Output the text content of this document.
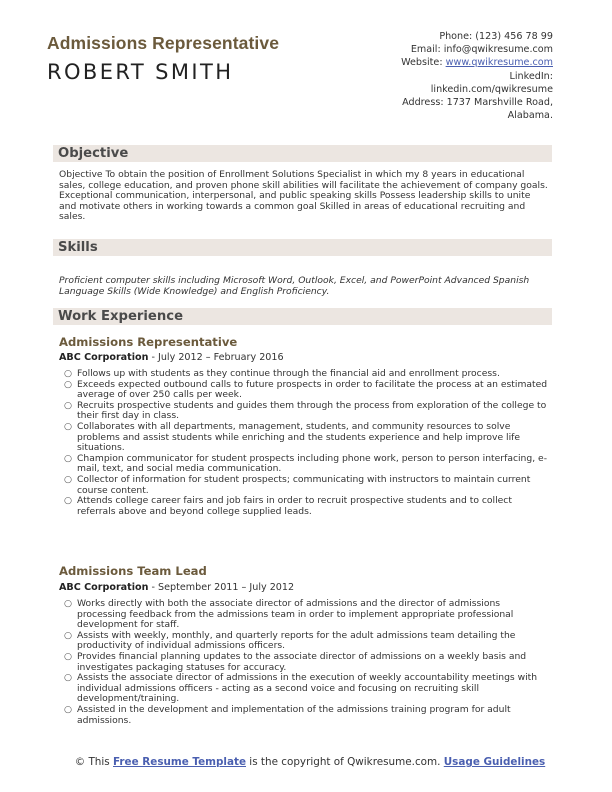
Admissions Representative
ROBERT SMITH
Phone: (123) 456 78 99
Email: info@qwikresume.com
Website: www.qwikresume.com
LinkedIn:
linkedin.com/qwikresume
Address: 1737 Marshville Road,
Alabama.
Objective
Objective To obtain the position of Enrollment Solutions Specialist in which my 8 years in educational sales, college education, and proven phone skill abilities will facilitate the achievement of company goals. Exceptional communication, interpersonal, and public speaking skills Possess leadership skills to unite and motivate others in working towards a common goal Skilled in areas of educational recruiting and sales.
Skills
Proficient computer skills including Microsoft Word, Outlook, Excel, and PowerPoint Advanced Spanish Language Skills (Wide Knowledge) and English Proficiency.
Work Experience
Admissions Representative
ABC Corporation - July 2012 – February 2016
○ Follows up with students as they continue through the financial aid and enrollment process.
○ Exceeds expected outbound calls to future prospects in order to facilitate the process at an estimated average of over 250 calls per week.
○ Recruits prospective students and guides them through the process from exploration of the college to their first day in class.
○ Collaborates with all departments, management, students, and community resources to solve problems and assist students while enriching and the students experience and help improve life situations.
○ Champion communicator for student prospects including phone work, person to person interfacing, e-mail, text, and social media communication.
○ Collector of information for student prospects; communicating with instructors to maintain current course content.
○ Attends college career fairs and job fairs in order to recruit prospective students and to collect referrals above and beyond college supplied leads.
Admissions Team Lead
ABC Corporation - September 2011 – July 2012
○ Works directly with both the associate director of admissions and the director of admissions processing feedback from the admissions team in order to implement appropriate professional development for staff.
○ Assists with weekly, monthly, and quarterly reports for the adult admissions team detailing the productivity of individual admissions officers.
○ Provides financial planning updates to the associate director of admissions on a weekly basis and investigates packaging statuses for accuracy.
○ Assists the associate director of admissions in the execution of weekly accountability meetings with individual admissions officers - acting as a second voice and focusing on recruiting skill development/training.
○ Assisted in the development and implementation of the admissions training program for adult admissions.
© This Free Resume Template is the copyright of Qwikresume.com. Usage Guidelines
